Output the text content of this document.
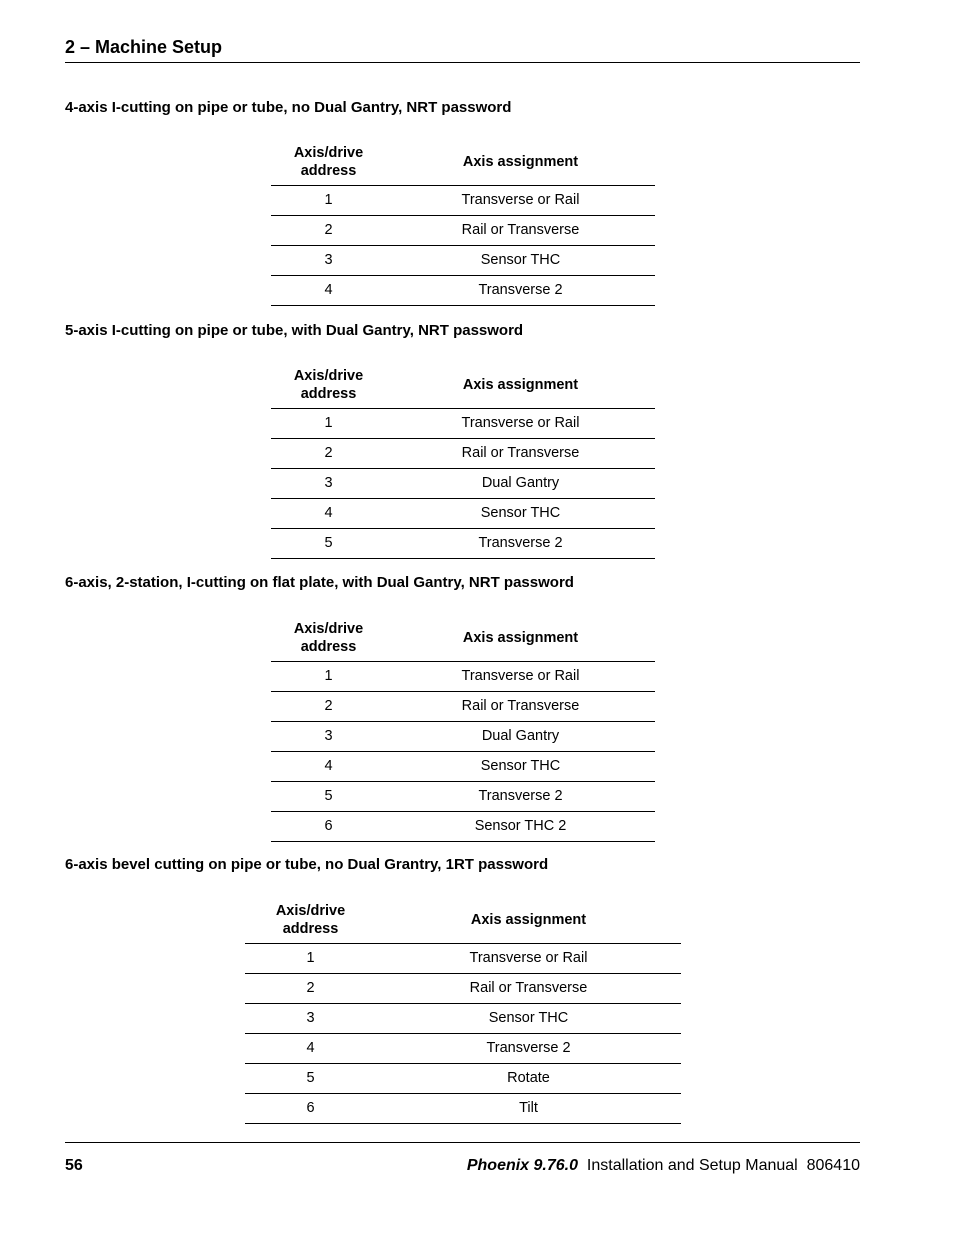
2 – Machine Setup
4-axis I-cutting on pipe or tube, no Dual Gantry, NRT password
Axis/drive
address	Axis assignment
1	Transverse or Rail
2	Rail or Transverse
3	Sensor THC
4	Transverse 2
5-axis I-cutting on pipe or tube, with Dual Gantry, NRT password
Axis/drive
address	Axis assignment
1	Transverse or Rail
2	Rail or Transverse
3	Dual Gantry
4	Sensor THC
5	Transverse 2
6-axis, 2-station, I-cutting on flat plate, with Dual Gantry, NRT password
Axis/drive
address	Axis assignment
1	Transverse or Rail
2	Rail or Transverse
3	Dual Gantry
4	Sensor THC
5	Transverse 2
6	Sensor THC 2
6-axis bevel cutting on pipe or tube, no Dual Grantry, 1RT password
Axis/drive
address	Axis assignment
1	Transverse or Rail
2	Rail or Transverse
3	Sensor THC
4	Transverse 2
5	Rotate
6	Tilt
56	Phoenix 9.76.0 Installation and Setup Manual 806410
